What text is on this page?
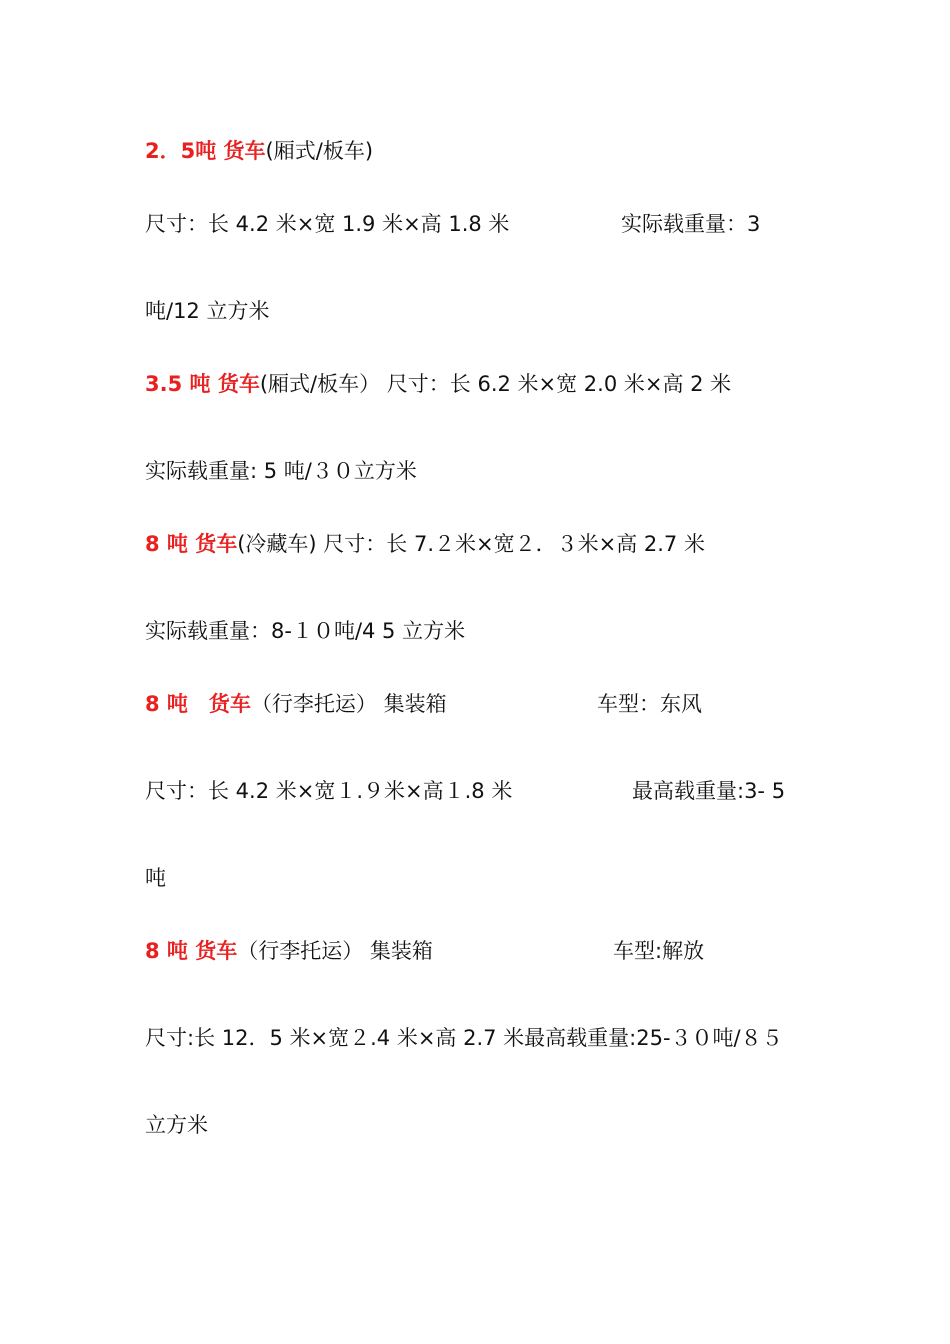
2．5吨 货车(厢式/板车)
尺寸：长 4.2 米×宽 1.9 米×高 1.8 米	实际载重量：3
吨/12 立方米
3.5 吨 货车(厢式/板车） 尺寸：长 6.2 米×宽 2.0 米×高 2 米
实际载重量: 5 吨/３０立方米
8 吨 货车(冷藏车) 尺寸：长 7.２米×宽２．３米×高 2.7 米
实际载重量：8-１０吨/4 5 立方米
8 吨　货车（行李托运） 集装箱	车型：东风
尺寸：长 4.2 米×宽１.９米×高１.8 米	最高载重量:3- 5
吨
8 吨 货车（行李托运） 集装箱	车型:解放
尺寸:长 12．5 米×宽２.4 米×高 2.7 米最高载重量:25-３０吨/８５
立方米
